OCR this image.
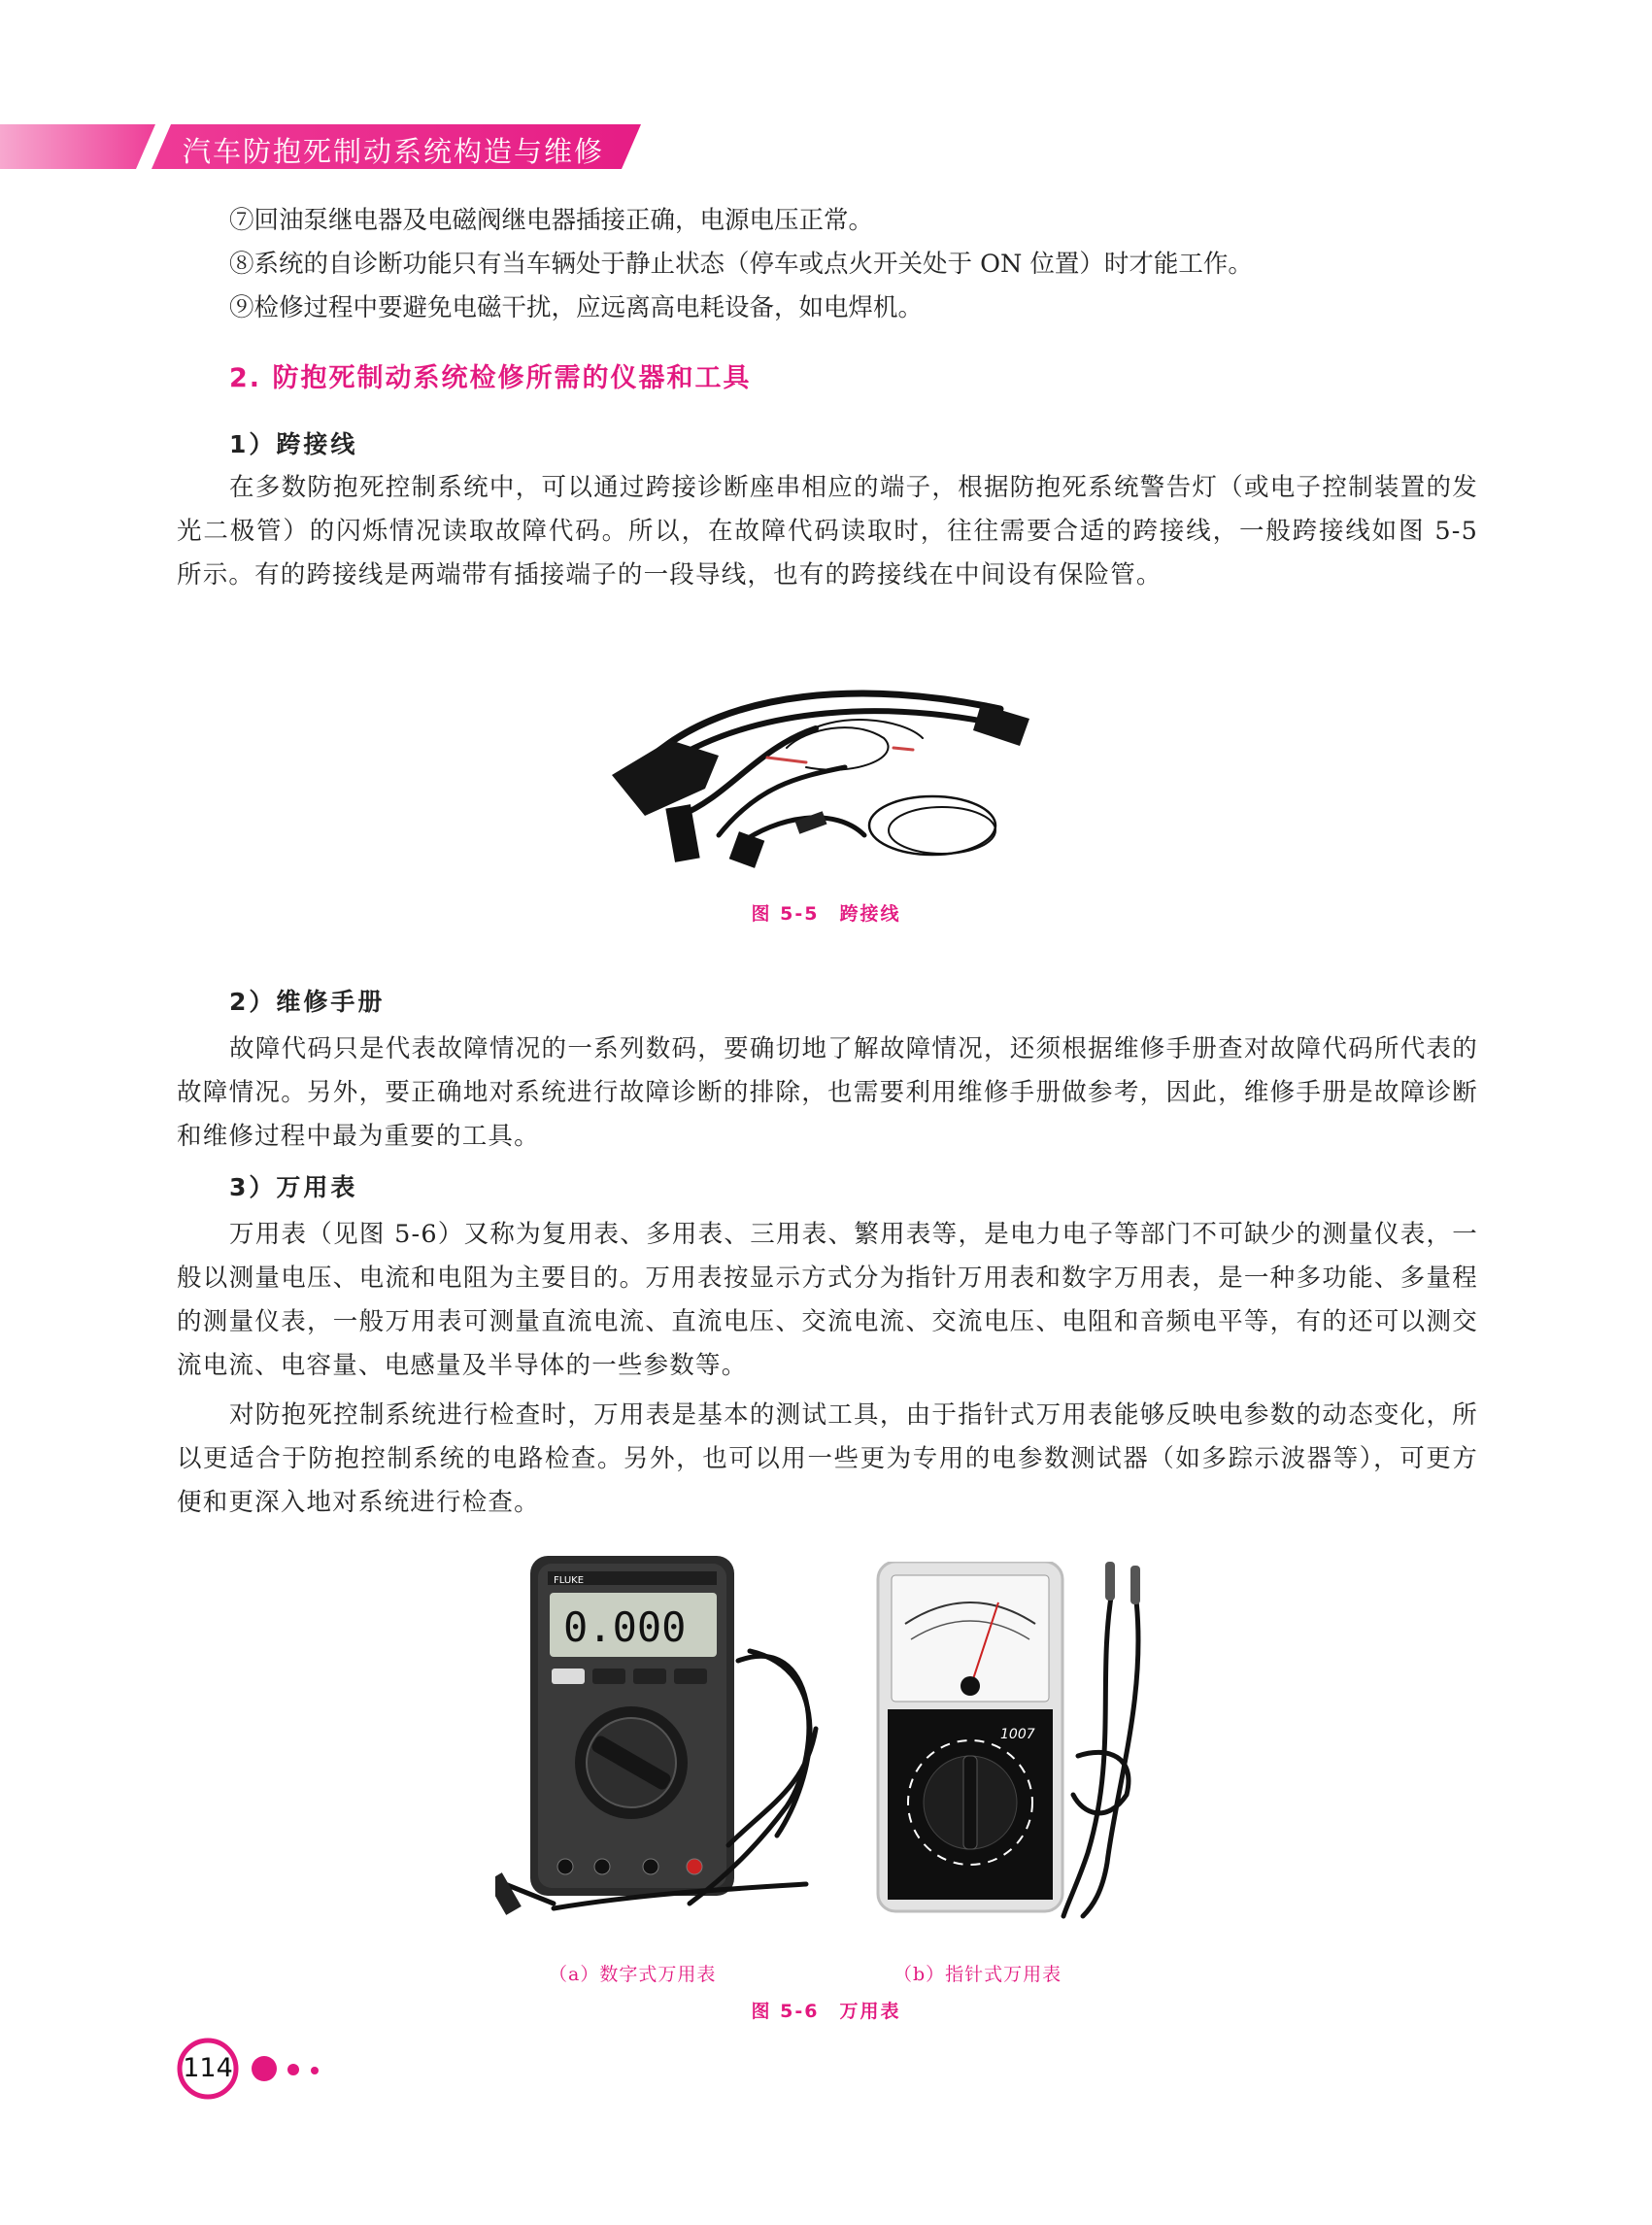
汽车防抱死制动系统构造与维修
⑦回油泵继电器及电磁阀继电器插接正确，电源电压正常。
⑧系统的自诊断功能只有当车辆处于静止状态（停车或点火开关处于 ON 位置）时才能工作。
⑨检修过程中要避免电磁干扰，应远离高电耗设备，如电焊机。
2. 防抱死制动系统检修所需的仪器和工具
1）跨接线

在多数防抱死控制系统中，可以通过跨接诊断座串相应的端子，根据防抱死系统警告灯（或电子控制装置的发光二极管）的闪烁情况读取故障代码。所以，在故障代码读取时，往往需要合适的跨接线，一般跨接线如图 5-5 所示。有的跨接线是两端带有插接端子的一段导线，也有的跨接线在中间设有保险管。

图 5-5　跨接线
2）维修手册

故障代码只是代表故障情况的一系列数码，要确切地了解故障情况，还须根据维修手册查对故障代码所代表的故障情况。另外，要正确地对系统进行故障诊断的排除，也需要利用维修手册做参考，因此，维修手册是故障诊断和维修过程中最为重要的工具。

3）万用表

万用表（见图 5-6）又称为复用表、多用表、三用表、繁用表等，是电力电子等部门不可缺少的测量仪表，一般以测量电压、电流和电阻为主要目的。万用表按显示方式分为指针万用表和数字万用表，是一种多功能、多量程的测量仪表，一般万用表可测量直流电流、直流电压、交流电流、交流电压、电阻和音频电平等，有的还可以测交流电流、电容量、电感量及半导体的一些参数等。

对防抱死控制系统进行检查时，万用表是基本的测试工具，由于指针式万用表能够反映电参数的动态变化，所以更适合于防抱控制系统的电路检查。另外，也可以用一些更为专用的电参数测试器（如多踪示波器等），可更方便和更深入地对系统进行检查。

FLUKE
0.000
1007
（a）数字式万用表	（b）指针式万用表
图 5-6　万用表
114
